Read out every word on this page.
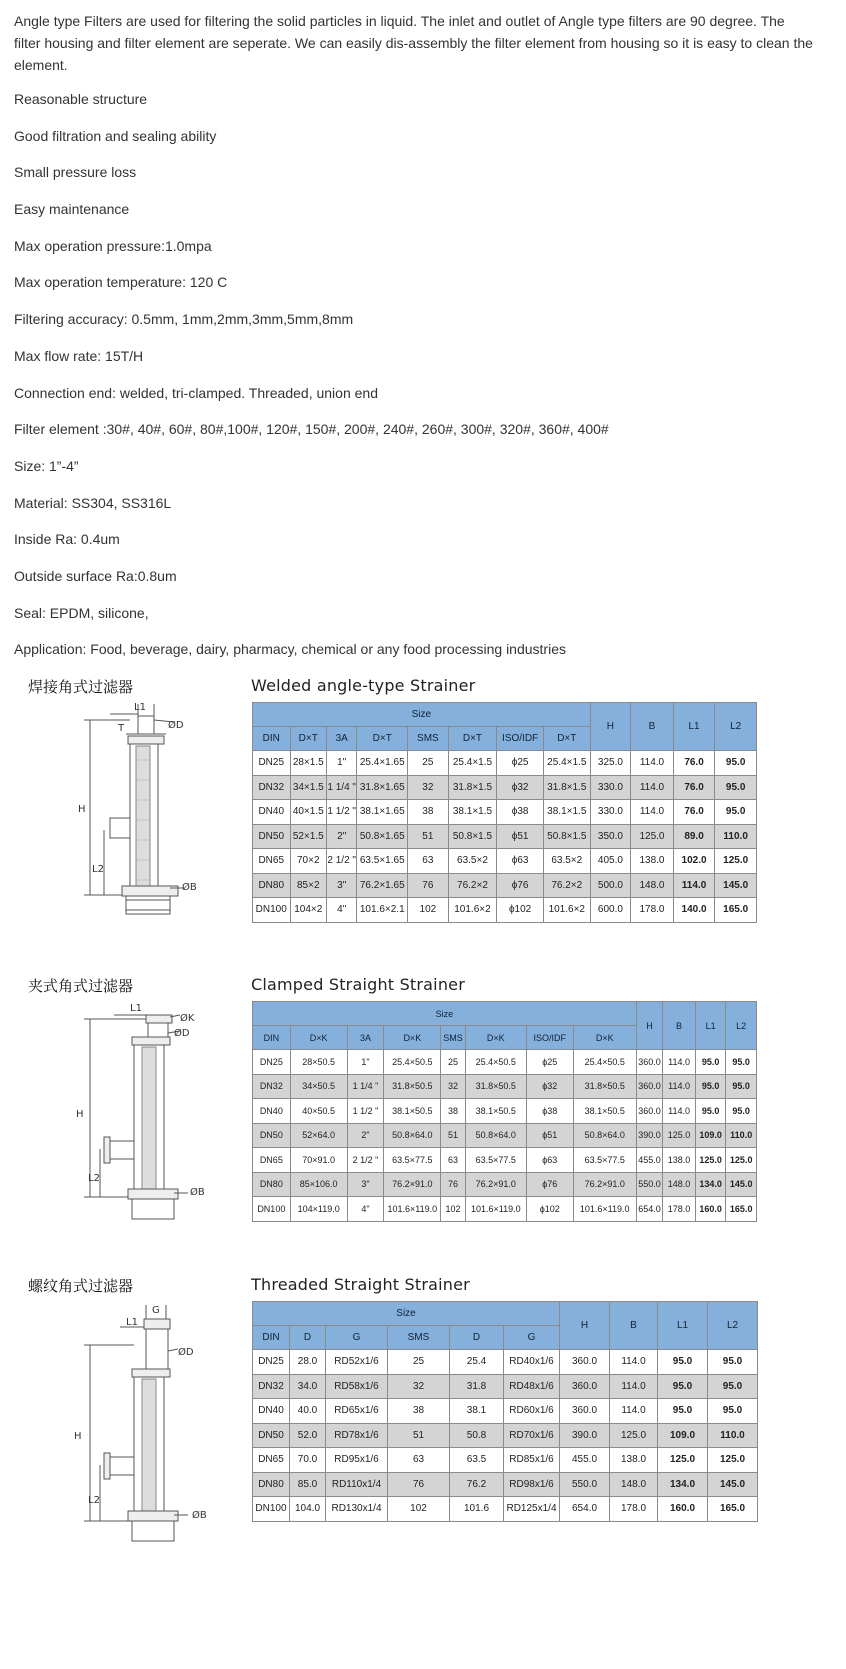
Angle type Filters are used for filtering the solid particles in liquid. The inlet and outlet of Angle type filters are 90 degree. The filter housing and filter element are seperate. We can easily dis-assembly the filter element from housing so it is easy to clean the element.

Reasonable structure
Good filtration and sealing ability
Small pressure loss
Easy maintenance
Max operation pressure:1.0mpa
Max operation temperature: 120 C
Filtering accuracy: 0.5mm, 1mm,2mm,3mm,5mm,8mm
Max flow rate: 15T/H
Connection end: welded, tri-clamped. Threaded, union end
Filter element :30#, 40#, 60#, 80#,100#, 120#, 150#, 200#, 240#, 260#, 300#, 320#, 360#, 400#
Size: 1”-4”
Material: SS304, SS316L
Inside Ra: 0.4um
Outside surface Ra:0.8um
Seal: EPDM, silicone,
Application: Food, beverage, dairy, pharmacy, chemical or any food processing industries
焊接角式过滤器	Welded angle-type Strainer
L1
T	ØD
H
L2
ØB
Size								H	B	L1	L2
DIN	D×T	3A	D×T	SMS	D×T	ISO/IDF	D×T				
DN25	28×1.5	1"	25.4×1.65	25	25.4×1.5	ϕ25	25.4×1.5	325.0	114.0	76.0	95.0
DN32	34×1.5	1 1/4 "	31.8×1.65	32	31.8×1.5	ϕ32	31.8×1.5	330.0	114.0	76.0	95.0
DN40	40×1.5	1 1/2 "	38.1×1.65	38	38.1×1.5	ϕ38	38.1×1.5	330.0	114.0	76.0	95.0
DN50	52×1.5	2"	50.8×1.65	51	50.8×1.5	ϕ51	50.8×1.5	350.0	125.0	89.0	110.0
DN65	70×2	2 1/2 "	63.5×1.65	63	63.5×2	ϕ63	63.5×2	405.0	138.0	102.0	125.0
DN80	85×2	3"	76.2×1.65	76	76.2×2	ϕ76	76.2×2	500.0	148.0	114.0	145.0
DN100	104×2	4"	101.6×2.1	102	101.6×2	ϕ102	101.6×2	600.0	178.0	140.0	165.0
夹式角式过滤器	Clamped Straight Strainer
L1
ØK
ØD
H
L2
ØB
Size								H	B	L1	L2
DIN	D×K	3A	D×K	SMS	D×K	ISO/IDF	D×K				
DN25	28×50.5	1"	25.4×50.5	25	25.4×50.5	ϕ25	25.4×50.5	360.0	114.0	95.0	95.0
DN32	34×50.5	1 1/4 "	31.8×50.5	32	31.8×50.5	ϕ32	31.8×50.5	360.0	114.0	95.0	95.0
DN40	40×50.5	1 1/2 "	38.1×50.5	38	38.1×50.5	ϕ38	38.1×50.5	360.0	114.0	95.0	95.0
DN50	52×64.0	2"	50.8×64.0	51	50.8×64.0	ϕ51	50.8×64.0	390.0	125.0	109.0	110.0
DN65	70×91.0	2 1/2 "	63.5×77.5	63	63.5×77.5	ϕ63	63.5×77.5	455.0	138.0	125.0	125.0
DN80	85×106.0	3"	76.2×91.0	76	76.2×91.0	ϕ76	76.2×91.0	550.0	148.0	134.0	145.0
DN100	104×119.0	4"	101.6×119.0	102	101.6×119.0	ϕ102	101.6×119.0	654.0	178.0	160.0	165.0
螺纹角式过滤器	Threaded Straight Strainer
G
L1
ØD
H
L2
ØB
Size						H	B	L1	L2
DIN	D	G	SMS	D	G				
DN25	28.0	RD52x1/6	25	25.4	RD40x1/6	360.0	114.0	95.0	95.0
DN32	34.0	RD58x1/6	32	31.8	RD48x1/6	360.0	114.0	95.0	95.0
DN40	40.0	RD65x1/6	38	38.1	RD60x1/6	360.0	114.0	95.0	95.0
DN50	52.0	RD78x1/6	51	50.8	RD70x1/6	390.0	125.0	109.0	110.0
DN65	70.0	RD95x1/6	63	63.5	RD85x1/6	455.0	138.0	125.0	125.0
DN80	85.0	RD110x1/4	76	76.2	RD98x1/6	550.0	148.0	134.0	145.0
DN100	104.0	RD130x1/4	102	101.6	RD125x1/4	654.0	178.0	160.0	165.0
